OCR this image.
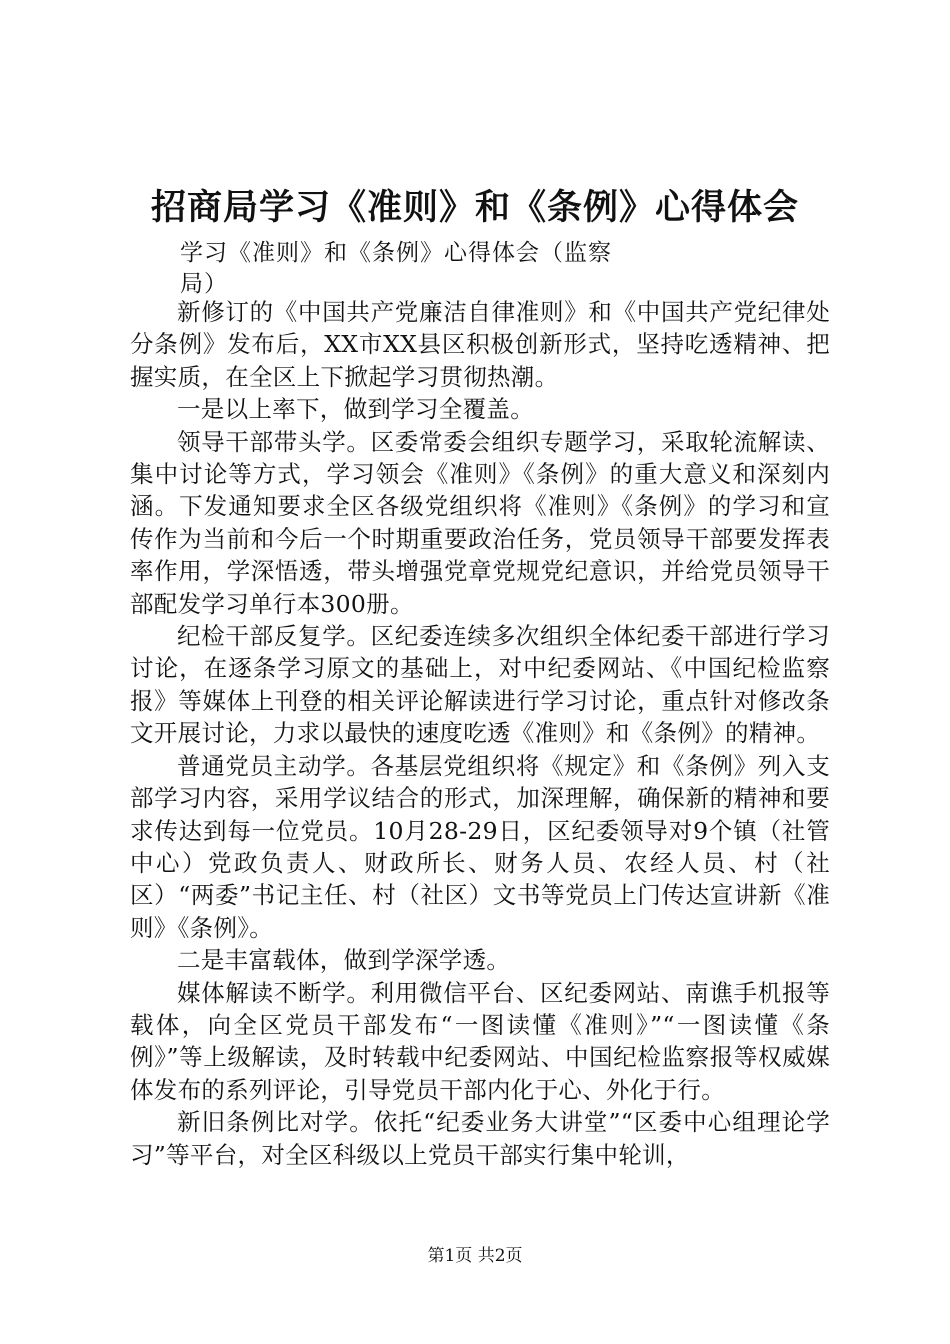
招商局学习《准则》和《条例》心得体会

学习《准则》和《条例》心得体会（监察局）

新修订的《中国共产党廉洁自律准则》和《中国共产党纪律处分条例》发布后，XX市XX县区积极创新形式，坚持吃透精神、把握实质，在全区上下掀起学习贯彻热潮。

一是以上率下，做到学习全覆盖。

领导干部带头学。区委常委会组织专题学习，采取轮流解读、集中讨论等方式，学习领会《准则》《条例》的重大意义和深刻内涵。下发通知要求全区各级党组织将《准则》《条例》的学习和宣传作为当前和今后一个时期重要政治任务，党员领导干部要发挥表率作用，学深悟透，带头增强党章党规党纪意识，并给党员领导干部配发学习单行本300册。

纪检干部反复学。区纪委连续多次组织全体纪委干部进行学习讨论，在逐条学习原文的基础上，对中纪委网站、《中国纪检监察报》等媒体上刊登的相关评论解读进行学习讨论，重点针对修改条文开展讨论，力求以最快的速度吃透《准则》和《条例》的精神。

普通党员主动学。各基层党组织将《规定》和《条例》列入支部学习内容，采用学议结合的形式，加深理解，确保新的精神和要求传达到每一位党员。10月28-29日，区纪委领导对9个镇（社管中心）党政负责人、财政所长、财务人员、农经人员、村（社区）“两委”书记主任、村（社区）文书等党员上门传达宣讲新《准则》《条例》。

二是丰富载体，做到学深学透。

媒体解读不断学。利用微信平台、区纪委网站、南谯手机报等载体，向全区党员干部发布“一图读懂《准则》”“一图读懂《条例》”等上级解读，及时转载中纪委网站、中国纪检监察报等权威媒体发布的系列评论，引导党员干部内化于心、外化于行。

新旧条例比对学。依托“纪委业务大讲堂”“区委中心组理论学习”等平台，对全区科级以上党员干部实行集中轮训，

第1页 共2页
